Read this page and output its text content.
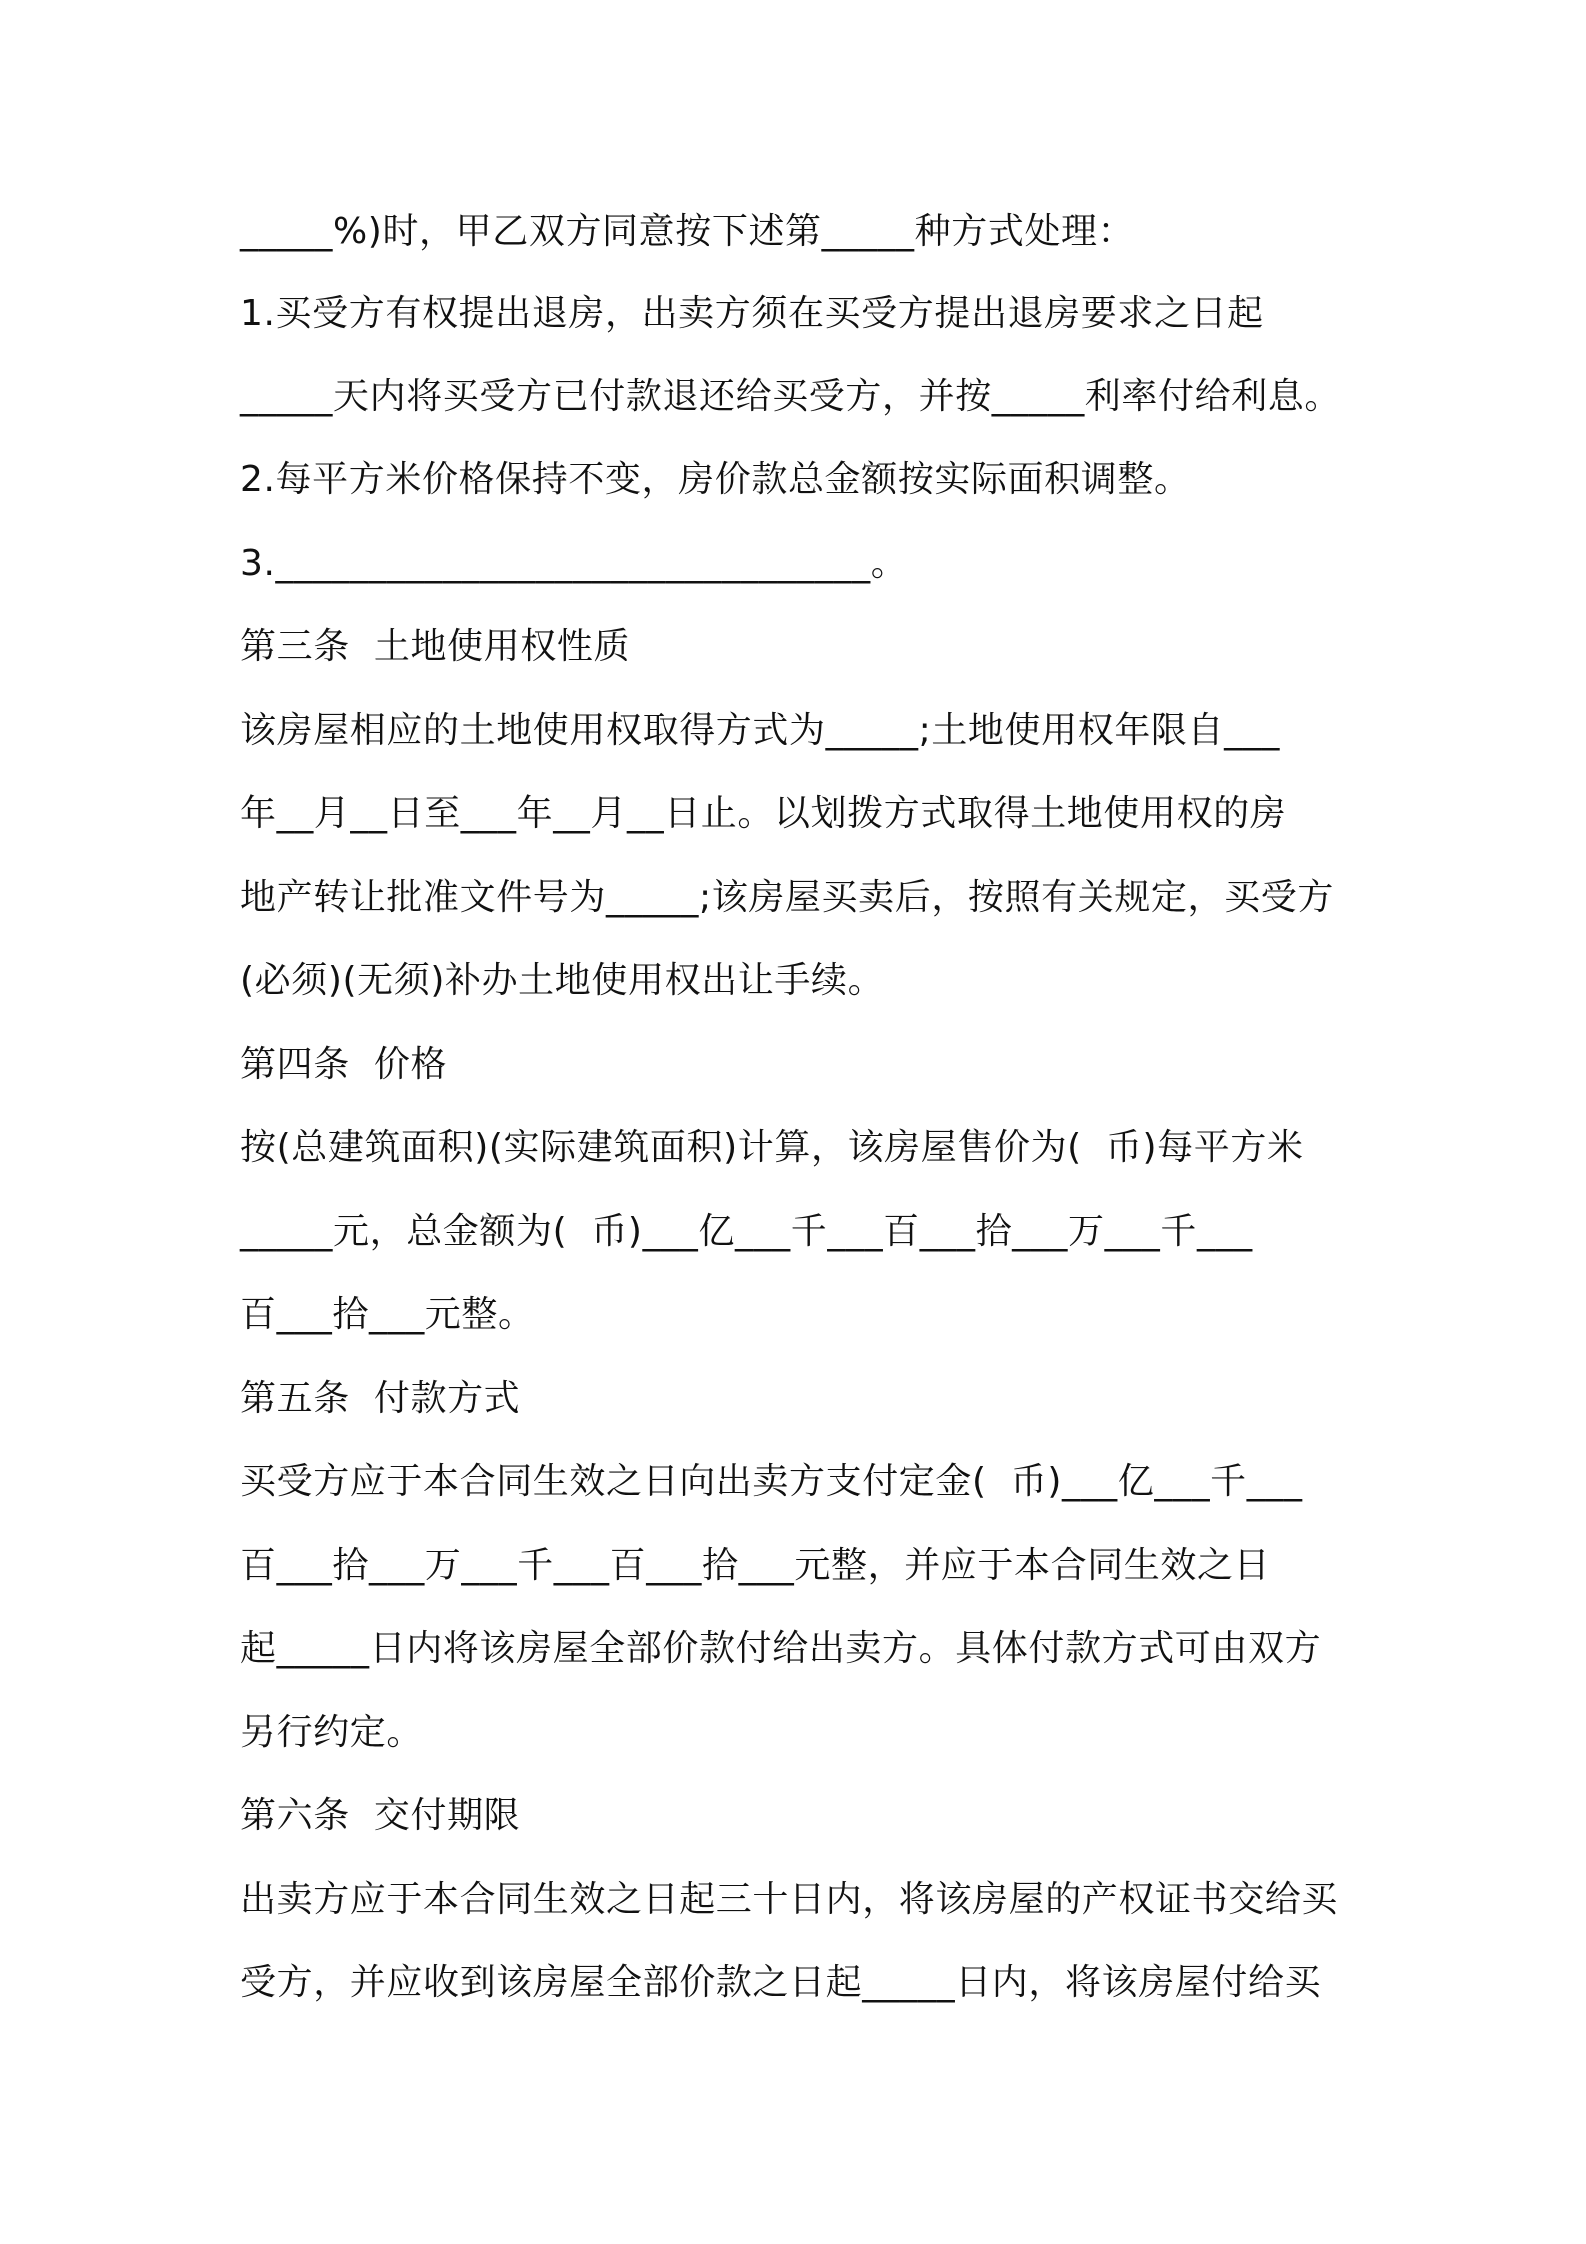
_____%)时，甲乙双方同意按下述第_____种方式处理：
1.买受方有权提出退房，出卖方须在买受方提出退房要求之日起
_____天内将买受方已付款退还给买受方，并按_____利率付给利息。
2.每平方米价格保持不变，房价款总金额按实际面积调整。
3.________________________________。
第三条  土地使用权性质
该房屋相应的土地使用权取得方式为_____;土地使用权年限自___
年__月__日至___年__月__日止。以划拨方式取得土地使用权的房
地产转让批准文件号为_____;该房屋买卖后，按照有关规定，买受方
(必须)(无须)补办土地使用权出让手续。
第四条  价格
按(总建筑面积)(实际建筑面积)计算，该房屋售价为(  币)每平方米
_____元，总金额为(  币)___亿___千___百___拾___万___千___
百___拾___元整。
第五条  付款方式
买受方应于本合同生效之日向出卖方支付定金(  币)___亿___千___
百___拾___万___千___百___拾___元整，并应于本合同生效之日
起_____日内将该房屋全部价款付给出卖方。具体付款方式可由双方
另行约定。
第六条  交付期限
出卖方应于本合同生效之日起三十日内，将该房屋的产权证书交给买
受方，并应收到该房屋全部价款之日起_____日内，将该房屋付给买
